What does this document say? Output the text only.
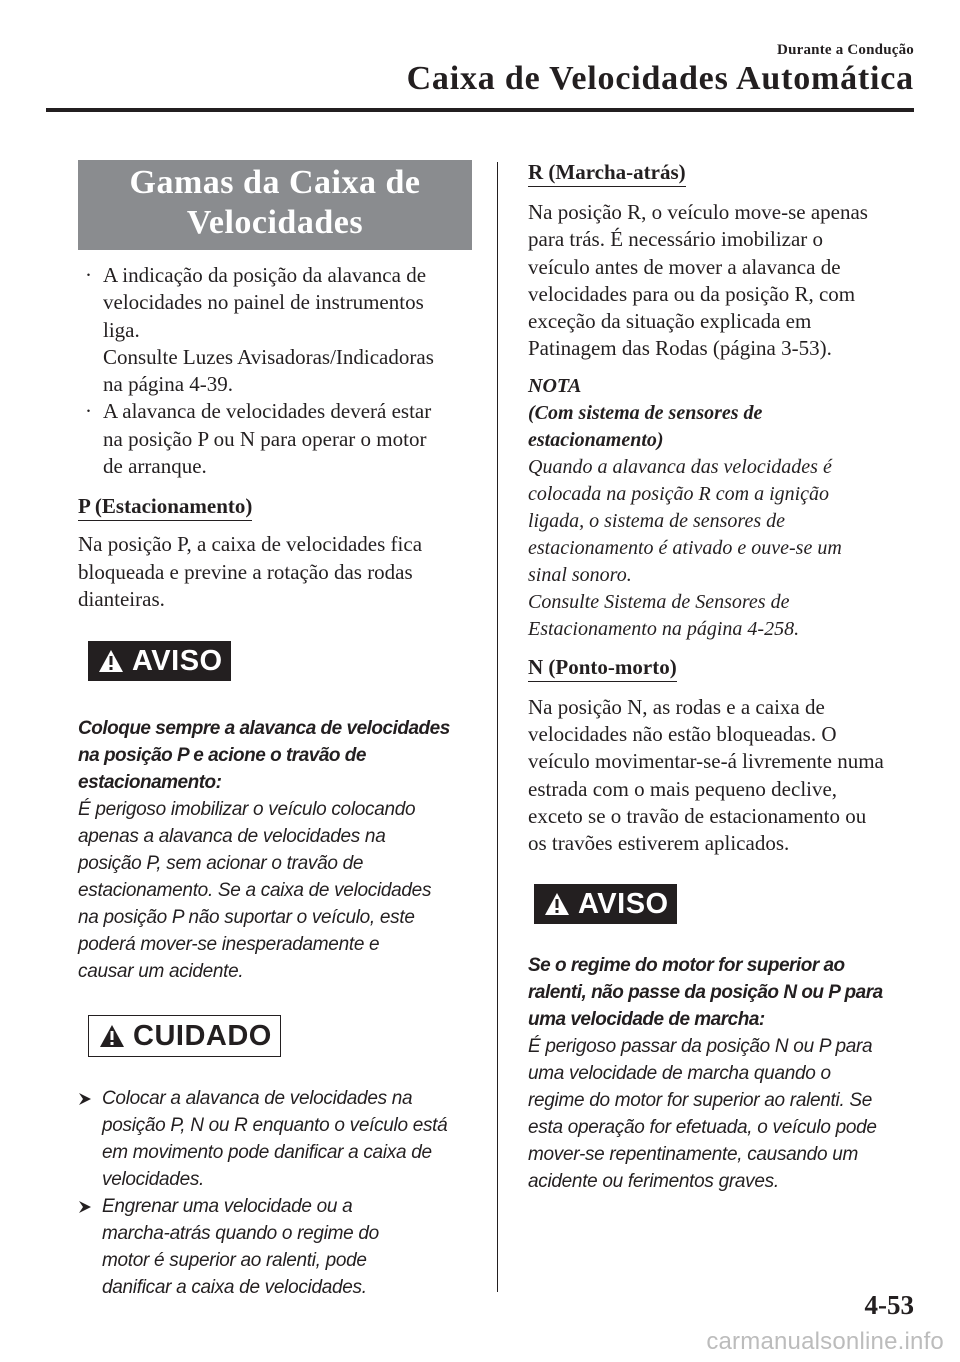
Durante a Condução
Caixa de Velocidades Automática
Gamas da Caixa de
Velocidades
· A indicação da posição da alavanca de
velocidades no painel de instrumentos
liga.
Consulte Luzes Avisadoras/Indicadoras
na página 4-39.
· A alavanca de velocidades deverá estar
na posição P ou N para operar o motor
de arranque.
P (Estacionamento)
Na posição P, a caixa de velocidades fica
bloqueada e previne a rotação das rodas
dianteiras.
AVISO
Coloque sempre a alavanca de velocidades
na posição P e acione o travão de
estacionamento:
É perigoso imobilizar o veículo colocando
apenas a alavanca de velocidades na
posição P, sem acionar o travão de
estacionamento. Se a caixa de velocidades
na posição P não suportar o veículo, este
poderá mover-se inesperadamente e
causar um acidente.
CUIDADO
Colocar a alavanca de velocidades na
posição P, N ou R enquanto o veículo está
em movimento pode danificar a caixa de
velocidades.
Engrenar uma velocidade ou a
marcha-atrás quando o regime do
motor é superior ao ralenti, pode
danificar a caixa de velocidades.
R (Marcha-atrás)
Na posição R, o veículo move-se apenas
para trás. É necessário imobilizar o
veículo antes de mover a alavanca de
velocidades para ou da posição R, com
exceção da situação explicada em
Patinagem das Rodas (página 3-53).
NOTA
(Com sistema de sensores de
estacionamento)
Quando a alavanca das velocidades é
colocada na posição R com a ignição
ligada, o sistema de sensores de
estacionamento é ativado e ouve-se um
sinal sonoro.
Consulte Sistema de Sensores de
Estacionamento na página 4-258.
N (Ponto-morto)
Na posição N, as rodas e a caixa de
velocidades não estão bloqueadas. O
veículo movimentar-se-á livremente numa
estrada com o mais pequeno declive,
exceto se o travão de estacionamento ou
os travões estiverem aplicados.
AVISO
Se o regime do motor for superior ao
ralenti, não passe da posição N ou P para
uma velocidade de marcha:
É perigoso passar da posição N ou P para
uma velocidade de marcha quando o
regime do motor for superior ao ralenti. Se
esta operação for efetuada, o veículo pode
mover-se repentinamente, causando um
acidente ou ferimentos graves.
4-53
carmanualsonline.info
